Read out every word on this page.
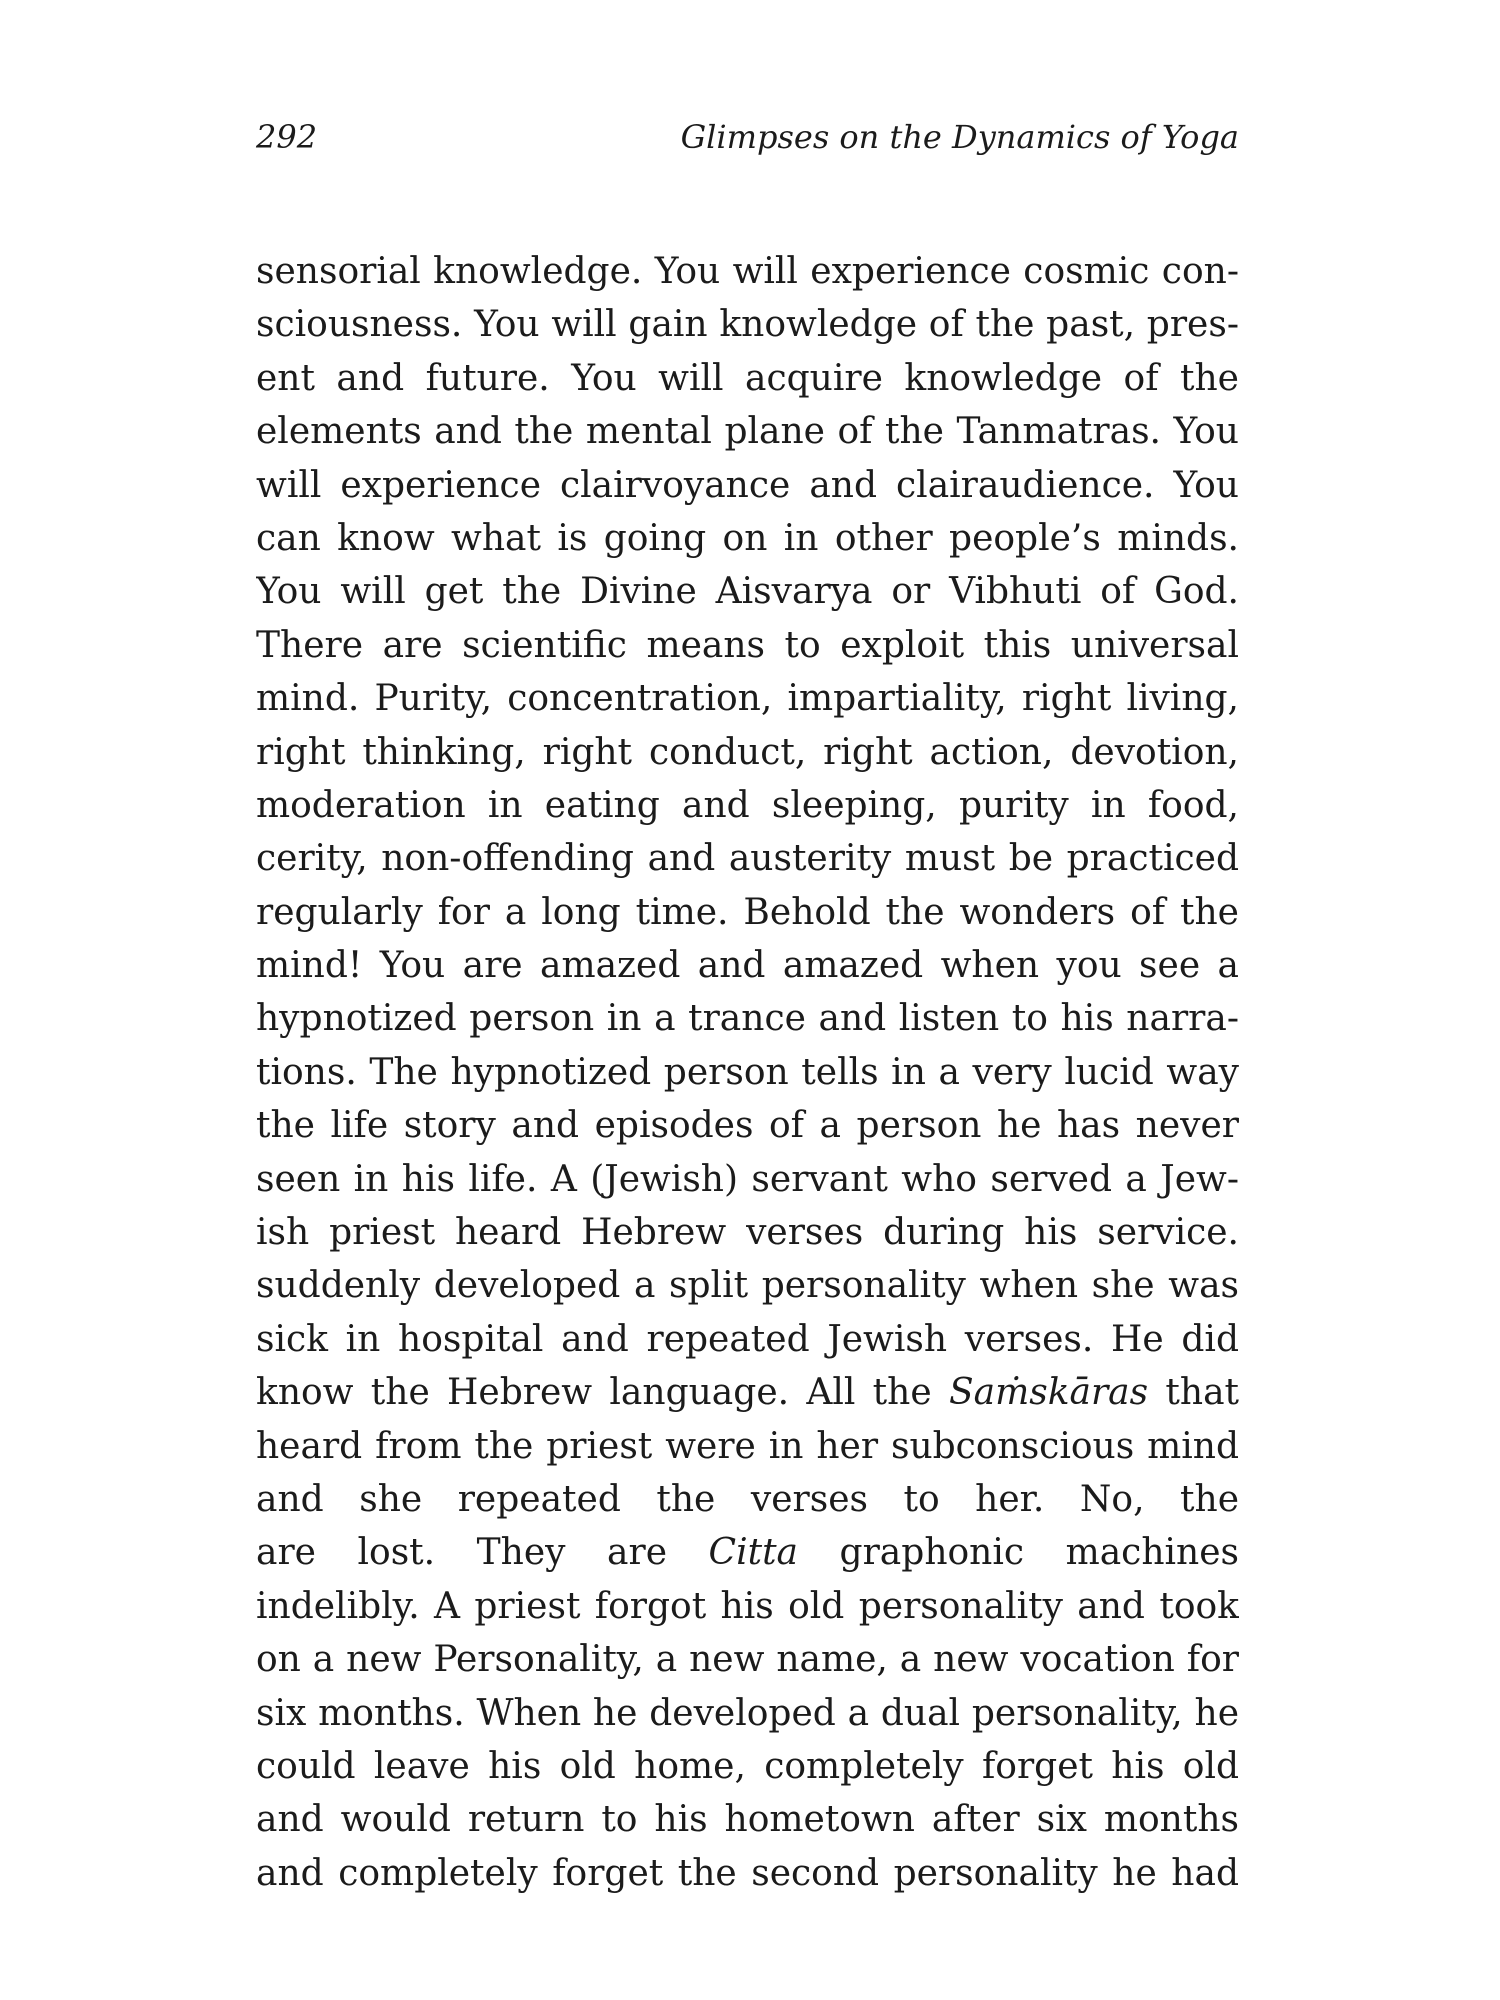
292	Glimpses on the Dynamics of Yoga
sensorial knowledge. You will experience cosmic con-
sciousness. You will gain knowledge of the past, pres-
ent and future. You will acquire knowledge of the
elements and the mental plane of the Tanmatras. You
will experience clairvoyance and clairaudience. You
can know what is going on in other people’s minds.
You will get the Divine Aisvarya or Vibhuti of God.
There are scientific means to exploit this universal
mind. Purity, concentration, impartiality, right living,
right thinking, right conduct, right action, devotion,
moderation in eating and sleeping, purity in food,
cerity, non-offending and austerity must be practiced
regularly for a long time. Behold the wonders of the
mind! You are amazed and amazed when you see a
hypnotized person in a trance and listen to his narra-
tions. The hypnotized person tells in a very lucid way
the life story and episodes of a person he has never
seen in his life. A (Jewish) servant who served a Jew-
ish priest heard Hebrew verses during his service.
suddenly developed a split personality when she was
sick in hospital and repeated Jewish verses. He did
know the Hebrew language. All the Saṁskāras that
heard from the priest were in her subconscious mind
and she repeated the verses to her. No, the
are lost. They are Citta graphonic machines
indelibly. A priest forgot his old personality and took
on a new Personality, a new name, a new vocation for
six months. When he developed a dual personality, he
could leave his old home, completely forget his old
and would return to his hometown after six months
and completely forget the second personality he had
